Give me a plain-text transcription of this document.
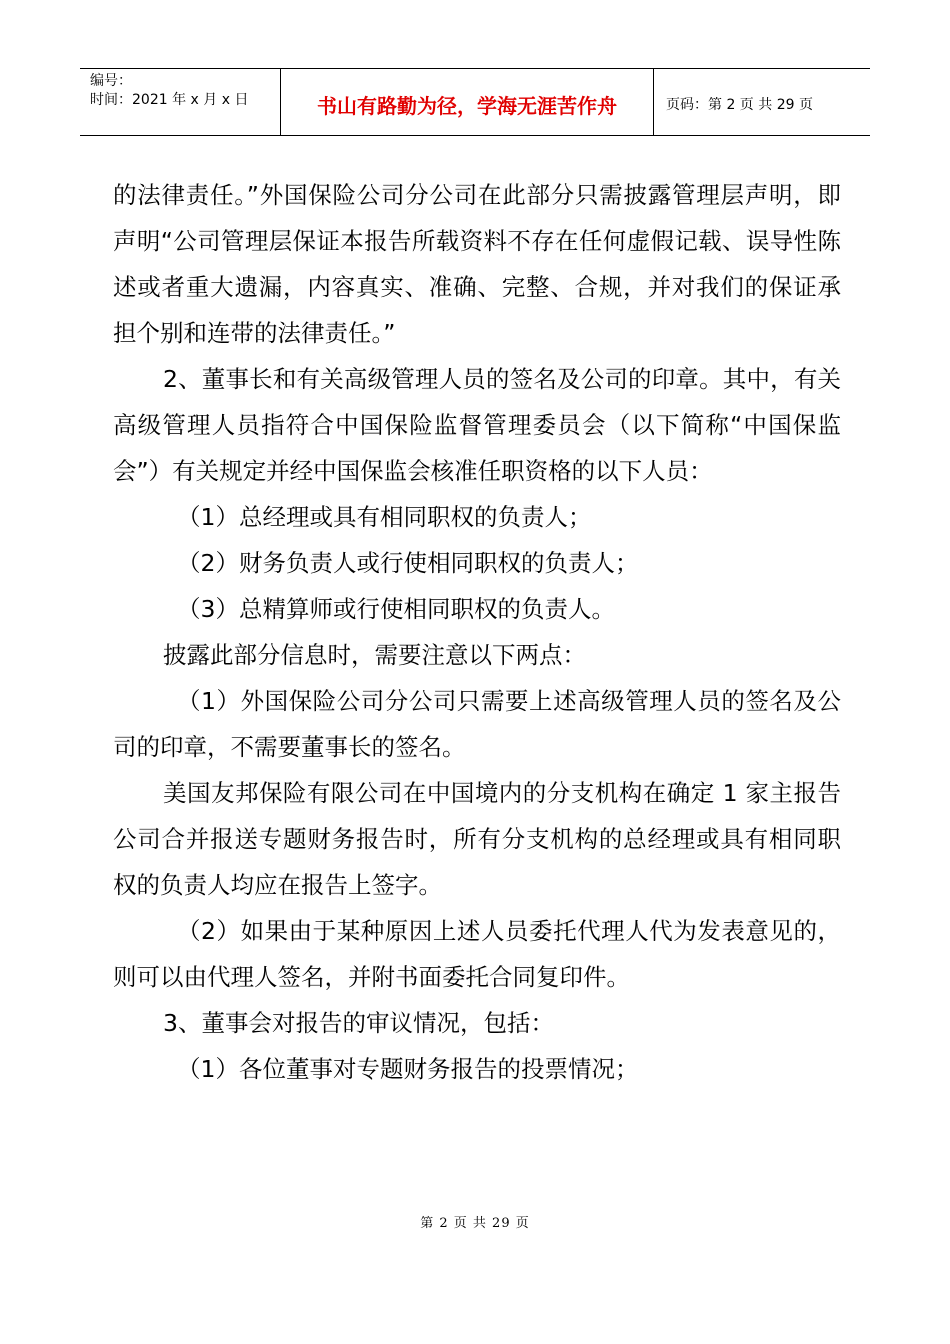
编号：
时间：2021 年 x 月 x 日	书山有路勤为径，学海无涯苦作舟	页码：第 2 页 共 29 页

的法律责任。”外国保险公司分公司在此部分只需披露管理层声明，即声明“公司管理层保证本报告所载资料不存在任何虚假记载、误导性陈述或者重大遗漏，内容真实、准确、完整、合规，并对我们的保证承担个别和连带的法律责任。”

2、董事长和有关高级管理人员的签名及公司的印章。其中，有关高级管理人员指符合中国保险监督管理委员会（以下简称“中国保监会”）有关规定并经中国保监会核准任职资格的以下人员：

（1）总经理或具有相同职权的负责人；

（2）财务负责人或行使相同职权的负责人；

（3）总精算师或行使相同职权的负责人。

披露此部分信息时，需要注意以下两点：

（1）外国保险公司分公司只需要上述高级管理人员的签名及公司的印章，不需要董事长的签名。

美国友邦保险有限公司在中国境内的分支机构在确定 1 家主报告公司合并报送专题财务报告时，所有分支机构的总经理或具有相同职权的负责人均应在报告上签字。

（2）如果由于某种原因上述人员委托代理人代为发表意见的，则可以由代理人签名，并附书面委托合同复印件。

3、董事会对报告的审议情况，包括：

（1）各位董事对专题财务报告的投票情况；

第 2 页 共 29 页
